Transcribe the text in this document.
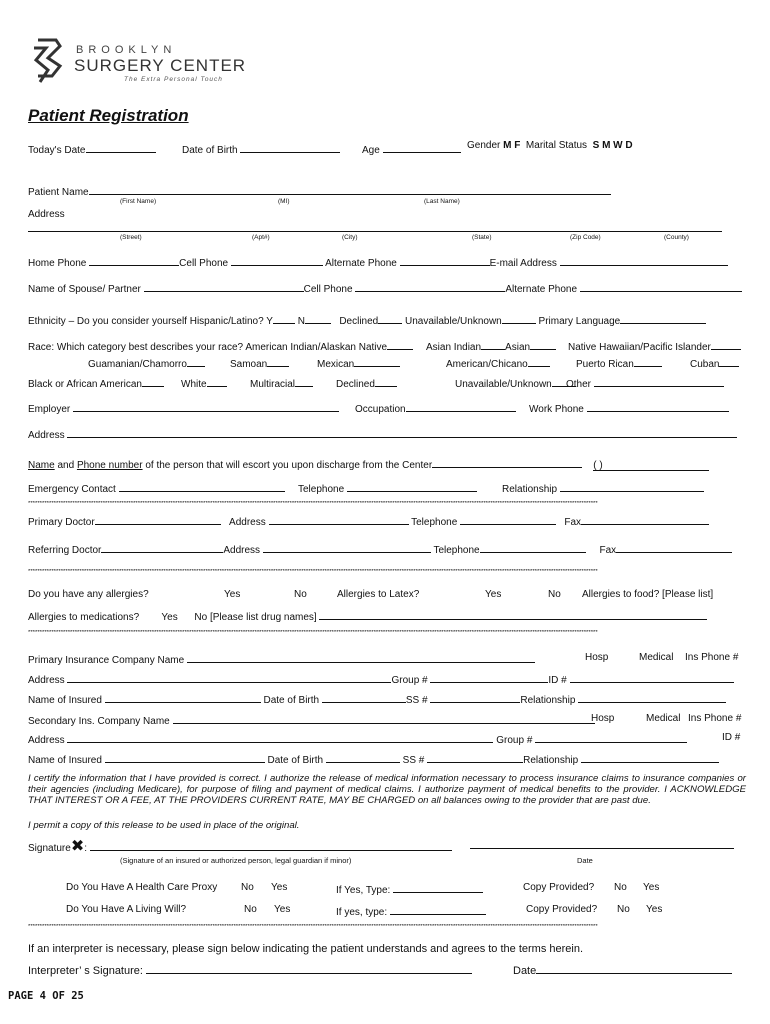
BROOKLYN
SURGERY CENTER
The Extra Personal Touch
Patient Registration
Today's Date	Date of Birth	Age	Gender M F Marital Status S M W D
Patient Name
(First Name)	(MI)	(Last Name)
Address
(Street)	(Apt#)	(City)	(State)	(Zip Code)	(County)
Home Phone	Cell Phone	Alternate Phone	E-mail Address
Name of Spouse/ Partner	Cell Phone	Alternate Phone
Ethnicity – Do you consider yourself Hispanic/Latino? Y N	Declined	Unavailable/Unknown	Primary Language
Race: Which category best describes your race? American Indian/Alaskan Native	Asian Indian Asian	Native Hawaiian/Pacific Islander
Guamanian/Chamorro	Samoan	Mexican	American/Chicano	Puerto Rican	Cuban
Black or African American	White	Multiracial	Declined	Unavailable/Unknown	Other
Employer	Occupation	Work Phone
Address
Name and Phone number of the person that will escort you upon discharge from the Center	( )
Emergency Contact	Telephone	Relationship
*****
Primary Doctor	Address	Telephone	Fax
Referring Doctor	Address	Telephone	Fax
*****
Do you have any allergies?	Yes	No	Allergies to Latex?	Yes	No Allergies to food? [Please list]
Allergies to medications? Yes No [Please list drug names]
*****
Primary Insurance Company Name	Hosp	Medical Ins Phone #
Address	Group #	ID #
Name of Insured	Date of Birth	SS #	Relationship
Secondary Ins. Company Name	Hosp	Medical Ins Phone #
Address	Group #	ID #
Name of Insured	Date of Birth	SS #	Relationship
I certify the information that I have provided is correct. I authorize the release of medical information necessary to process insurance claims to insurance companies or their agencies (including Medicare), for purpose of filing and payment of medical claims. I authorize payment of medical benefits to the provider. I ACKNOWLEDGE THAT INTEREST OR A FEE, AT THE PROVIDERS CURRENT RATE, MAY BE CHARGED on all balances owing to the provider that are past due.
I permit a copy of this release to be used in place of the original.
Signature✖:
(Signature of an insured or authorized person, legal guardian if minor)	Date
Do You Have A Health Care Proxy No Yes	If Yes, Type:	Copy Provided? No Yes
Do You Have A Living Will?	No Yes	If yes, type:	Copy Provided? No Yes
*****
If an interpreter is necessary, please sign below indicating the patient understands and agrees to the terms herein.
Interpreter’ s Signature:	Date
PAGE 4 OF 25
